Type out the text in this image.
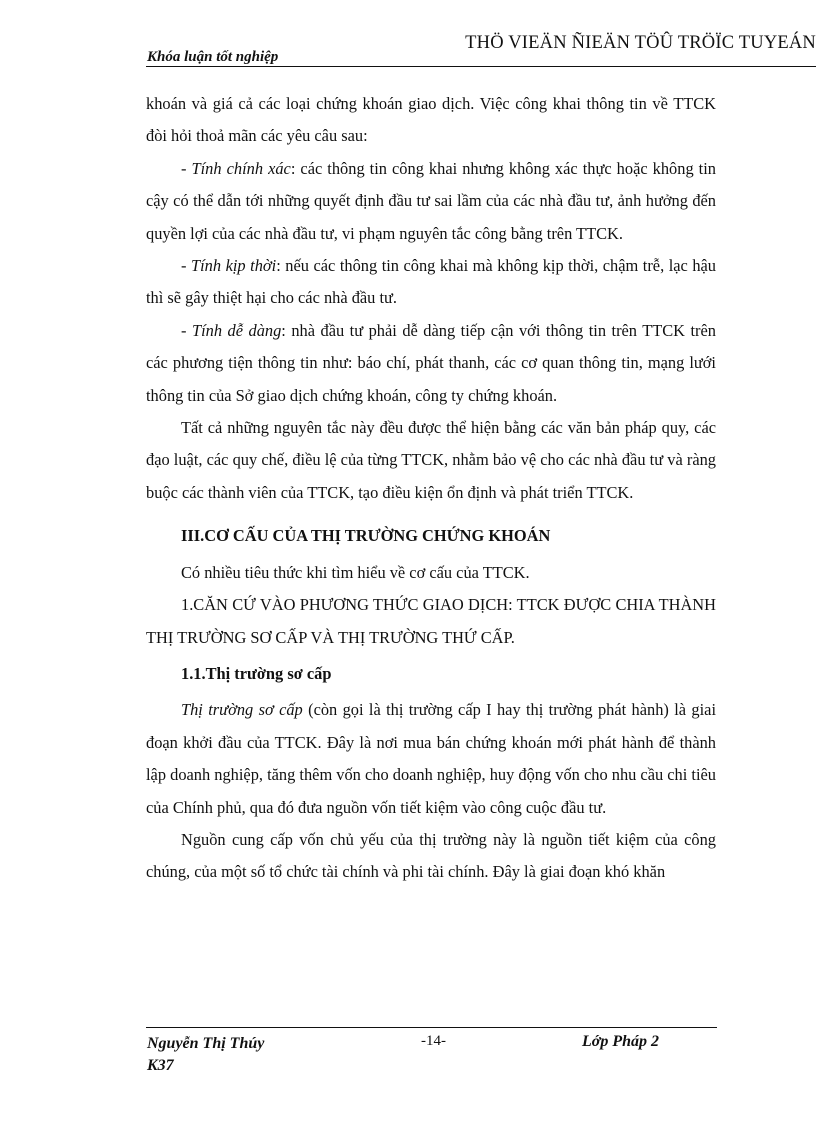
Khóa luận tốt nghiệp
THÖ VIEÄN ÑIEÄN TÖÛ TRÖÏC TUYEÁN

khoán và giá cả các loại chứng khoán giao dịch. Việc công khai thông tin về TTCK đòi hỏi thoả mãn các yêu câu sau:

- Tính chính xác: các thông tin công khai nhưng không xác thực hoặc không tin cậy có thể dẫn tới những quyết định đầu tư sai lầm của các nhà đầu tư, ảnh hưởng đến quyền lợi của các nhà đầu tư, vi phạm nguyên tắc công bằng trên TTCK.

- Tính kịp thời: nếu các thông tin công khai mà không kịp thời, chậm trễ, lạc hậu thì sẽ gây thiệt hại cho các nhà đầu tư.

- Tính dễ dàng: nhà đầu tư phải dễ dàng tiếp cận với thông tin trên TTCK trên các phương tiện thông tin như: báo chí, phát thanh, các cơ quan thông tin, mạng lưới thông tin của Sở giao dịch chứng khoán, công ty chứng khoán.

Tất cả những nguyên tắc này đều được thể hiện bằng các văn bản pháp quy, các đạo luật, các quy chế, điều lệ của từng TTCK, nhằm bảo vệ cho các nhà đầu tư và ràng buộc các thành viên của TTCK, tạo điều kiện ổn định và phát triển TTCK.

III.CƠ CẤU CỦA THỊ TRƯỜNG CHỨNG KHOÁN

Có nhiều tiêu thức khi tìm hiểu về cơ cấu của TTCK.

1.CĂN CỨ VÀO PHƯƠNG THỨC GIAO DỊCH: TTCK ĐƯỢC CHIA THÀNH THỊ TRƯỜNG SƠ CẤP VÀ THỊ TRƯỜNG THỨ CẤP.

1.1.Thị trường sơ cấp

Thị trường sơ cấp (còn gọi là thị trường cấp I hay thị trường phát hành) là giai đoạn khởi đầu của TTCK. Đây là nơi mua bán chứng khoán mới phát hành để thành lập doanh nghiệp, tăng thêm vốn cho doanh nghiệp, huy động vốn cho nhu cầu chi tiêu của Chính phủ, qua đó đưa nguồn vốn tiết kiệm vào công cuộc đầu tư.

Nguồn cung cấp vốn chủ yếu của thị trường này là nguồn tiết kiệm của công chúng, của một số tổ chức tài chính và phi tài chính. Đây là giai đoạn khó khăn

Nguyễn Thị Thúy
K37
-14-	Lớp Pháp 2
